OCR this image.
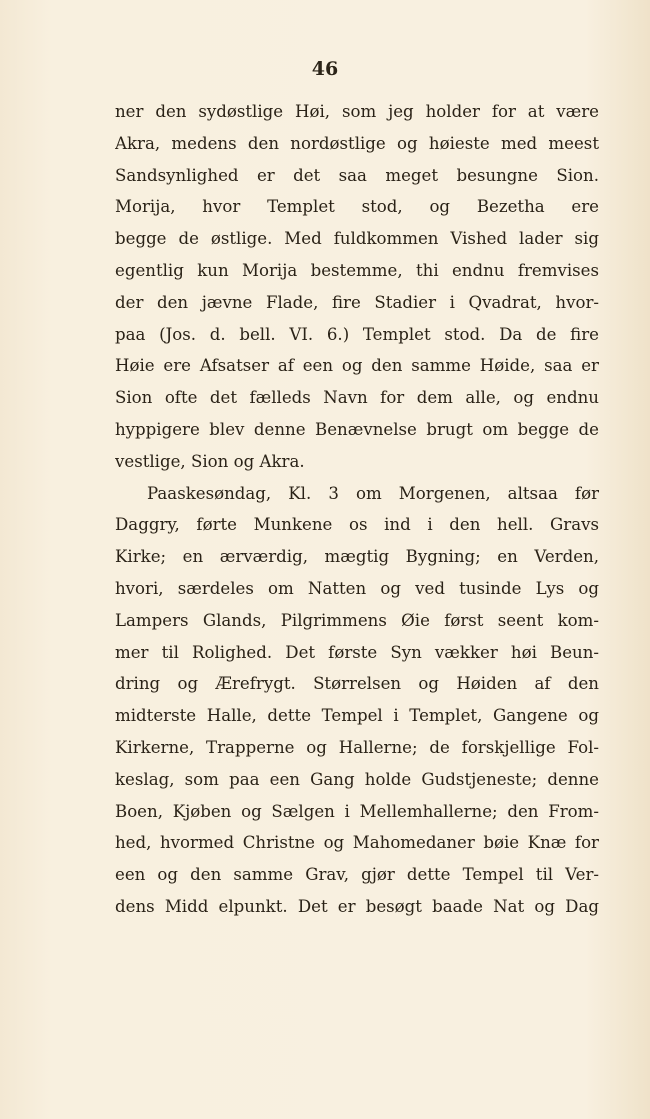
46
ner den sydøstlige Høi, som jeg holder for at være
Akra, medens den nordøstlige og høieste med meest
Sandsynlighed er det saa meget besungne Sion.
Morija, hvor Templet stod, og Bezetha ere
begge de østlige. Med fuldkommen Vished lader sig
egentlig kun Morija bestemme, thi endnu fremvises
der den jævne Flade, fire Stadier i Qvadrat, hvor-
paa (Jos. d. bell. VI. 6.) Templet stod. Da de fire
Høie ere Afsatser af een og den samme Høide, saa er
Sion ofte det fælleds Navn for dem alle, og endnu
hyppigere blev denne Benævnelse brugt om begge de
vestlige, Sion og Akra.
Paaskesøndag, Kl. 3 om Morgenen, altsaa før
Daggry, førte Munkene os ind i den hell. Gravs
Kirke; en ærværdig, mægtig Bygning; en Verden,
hvori, særdeles om Natten og ved tusinde Lys og
Lampers Glands, Pilgrimmens Øie først seent kom-
mer til Rolighed. Det første Syn vækker høi Beun-
dring og Ærefrygt. Størrelsen og Høiden af den
midterste Halle, dette Tempel i Templet, Gangene og
Kirkerne, Trapperne og Hallerne; de forskjellige Fol-
keslag, som paa een Gang holde Gudstjeneste; denne
Boen, Kjøben og Sælgen i Mellemhallerne; den From-
hed, hvormed Christne og Mahomedaner bøie Knæ for
een og den samme Grav, gjør dette Tempel til Ver-
dens Midd elpunkt. Det er besøgt baade Nat og Dag
